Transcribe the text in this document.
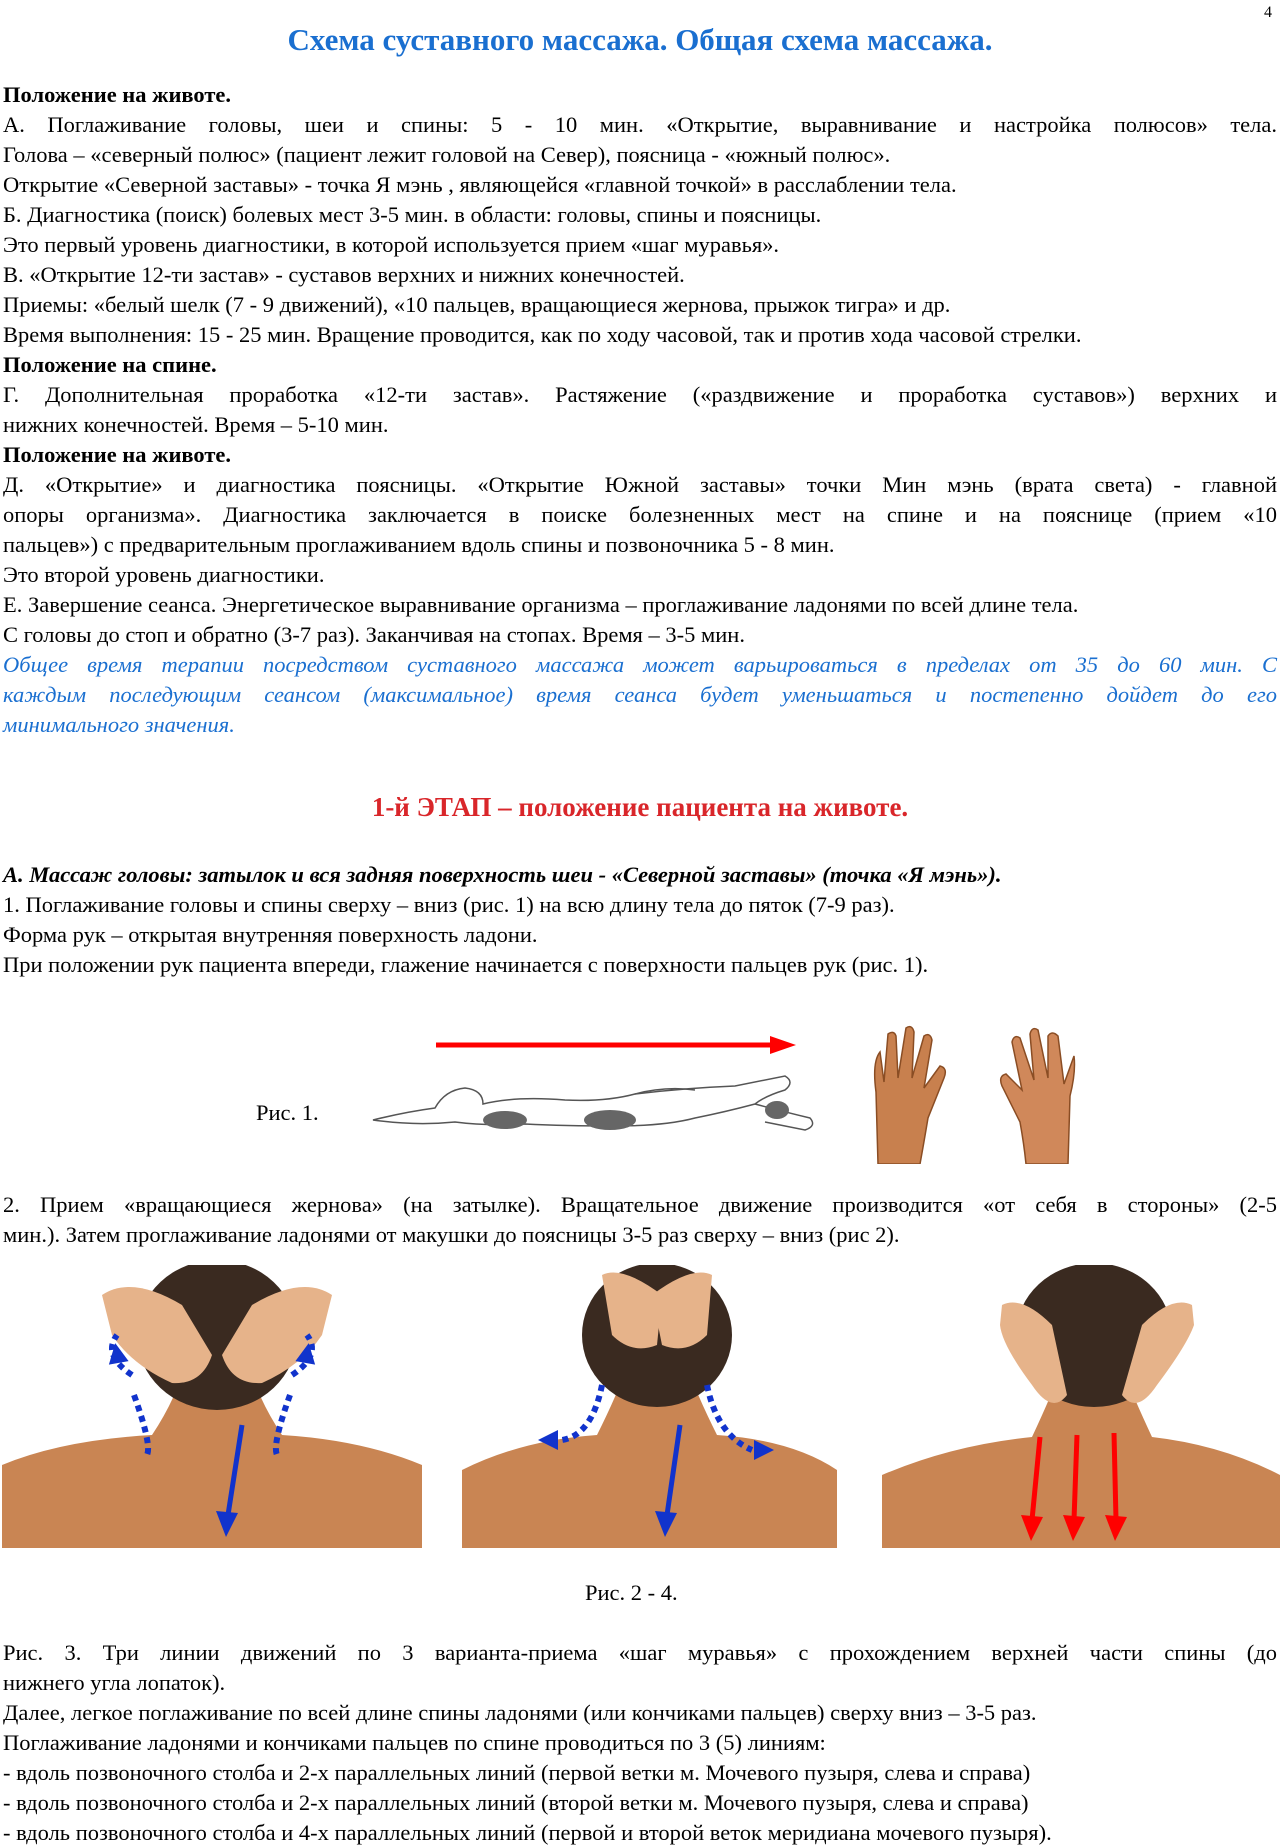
4
Схема суставного массажа. Общая схема массажа.
Положение на животе.
А. Поглаживание головы, шеи и спины: 5 - 10 мин. «Открытие, выравнивание и настройка полюсов» тела.
Голова – «северный полюс» (пациент лежит головой на Север), поясница - «южный полюс».
Открытие «Северной заставы» - точка Я мэнь , являющейся «главной точкой» в расслаблении тела.
Б. Диагностика (поиск) болевых мест 3-5 мин. в области: головы, спины и поясницы.
Это первый уровень диагностики, в которой используется прием «шаг муравья».
В. «Открытие 12-ти застав» - суставов верхних и нижних конечностей.
Приемы: «белый шелк (7 - 9 движений), «10 пальцев, вращающиеся жернова, прыжок тигра» и др.
Время выполнения: 15 - 25 мин. Вращение проводится, как по ходу часовой, так и против хода часовой стрелки.
Положение на спине.
Г. Дополнительная проработка «12-ти застав». Растяжение («раздвижение и проработка суставов») верхних и
нижних конечностей. Время – 5-10 мин.
Положение на животе.
Д. «Открытие» и диагностика поясницы. «Открытие Южной заставы» точки Мин мэнь (врата света) - главной
опоры организма». Диагностика заключается в поиске болезненных мест на спине и на пояснице (прием «10
пальцев») с предварительным проглаживанием вдоль спины и позвоночника 5 - 8 мин.
Это второй уровень диагностики.
Е. Завершение сеанса. Энергетическое выравнивание организма – проглаживание ладонями по всей длине тела.
С головы до стоп и обратно (3-7 раз). Заканчивая на стопах. Время – 3-5 мин.
Общее время терапии посредством суставного массажа может варьироваться в пределах от 35 до 60 мин. С
каждым последующим сеансом (максимальное) время сеанса будет уменьшаться и постепенно дойдет до его
минимального значения.
1-й ЭТАП – положение пациента на животе.
А. Массаж головы: затылок и вся задняя поверхность шеи - «Северной заставы» (точка «Я мэнь»).
1. Поглаживание головы и спины сверху – вниз (рис. 1) на всю длину тела до пяток (7-9 раз).
Форма рук – открытая внутренняя поверхность ладони.
При положении рук пациента впереди, глажение начинается с поверхности пальцев рук (рис. 1).
Рис. 1.
2. Прием «вращающиеся жернова» (на затылке). Вращательное движение производится «от себя в стороны» (2-5
мин.). Затем проглаживание ладонями от макушки до поясницы 3-5 раз сверху – вниз (рис 2).
Рис. 2 - 4.
Рис. 3. Три линии движений по 3 варианта-приема «шаг муравья» с прохождением верхней части спины (до
нижнего угла лопаток).
Далее, легкое поглаживание по всей длине спины ладонями (или кончиками пальцев) сверху вниз – 3-5 раз.
Поглаживание ладонями и кончиками пальцев по спине проводиться по 3 (5) линиям:
- вдоль позвоночного столба и 2-х параллельных линий (первой ветки м. Мочевого пузыря, слева и справа)
- вдоль позвоночного столба и 2-х параллельных линий (второй ветки м. Мочевого пузыря, слева и справа)
- вдоль позвоночного столба и 4-х параллельных линий (первой и второй веток меридиана мочевого пузыря).
